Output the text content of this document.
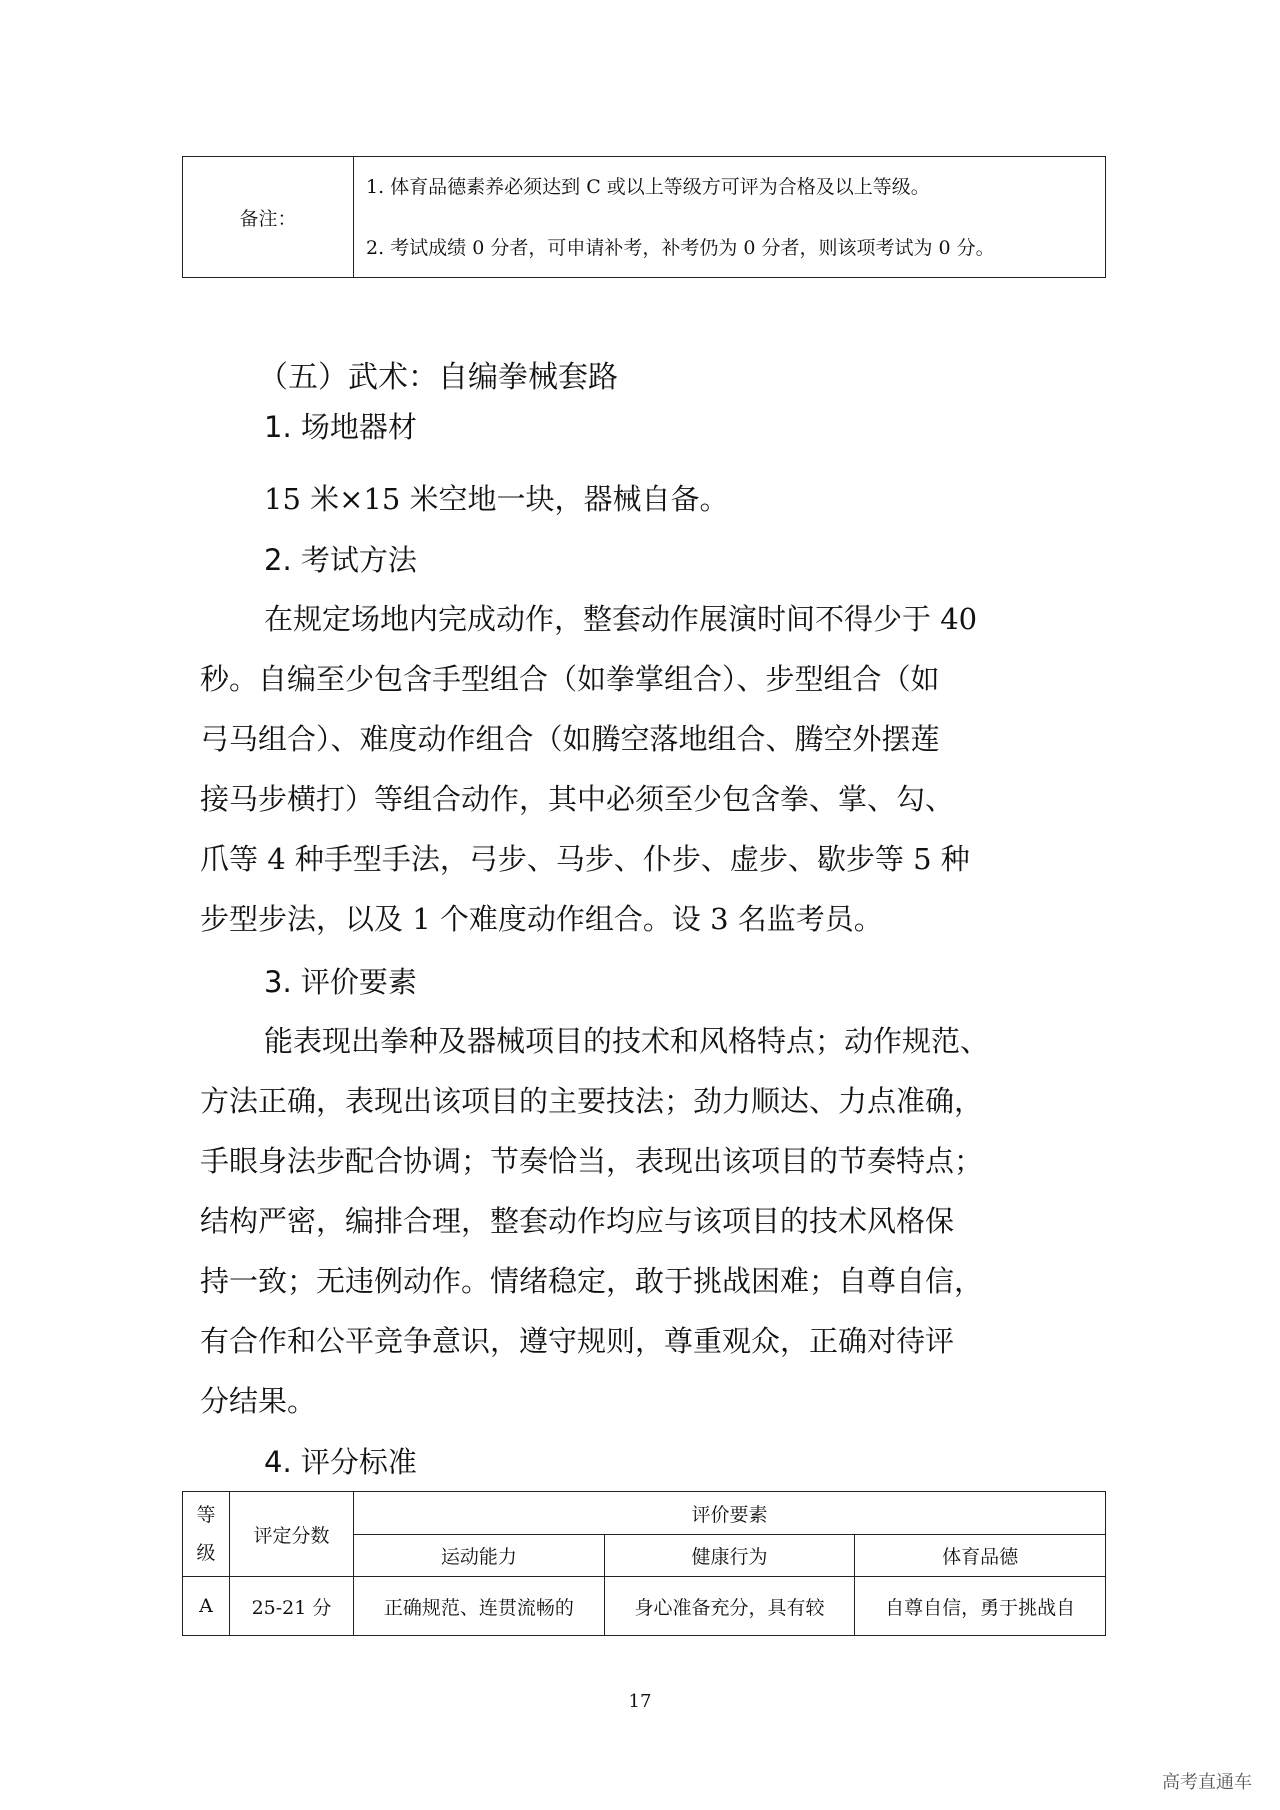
备注：
1. 体育品德素养必须达到 C 或以上等级方可评为合格及以上等级。
2. 考试成绩 0 分者，可申请补考，补考仍为 0 分者，则该项考试为 0 分。
（五）武术：自编拳械套路
1. 场地器材
15 米×15 米空地一块，器械自备。
2. 考试方法
在规定场地内完成动作，整套动作展演时间不得少于 40
秒。自编至少包含手型组合（如拳掌组合）、步型组合（如
弓马组合）、难度动作组合（如腾空落地组合、腾空外摆莲
接马步横打）等组合动作，其中必须至少包含拳、掌、勾、
爪等 4 种手型手法，弓步、马步、仆步、虚步、歇步等 5 种
步型步法，以及 1 个难度动作组合。设 3 名监考员。
3. 评价要素
能表现出拳种及器械项目的技术和风格特点；动作规范、
方法正确，表现出该项目的主要技法；劲力顺达、力点准确，
手眼身法步配合协调；节奏恰当，表现出该项目的节奏特点；
结构严密，编排合理，整套动作均应与该项目的技术风格保
持一致；无违例动作。情绪稳定，敢于挑战困难；自尊自信，
有合作和公平竞争意识，遵守规则，尊重观众，正确对待评
分结果。
4. 评分标准
等
级	评定分数	评价要素		
		运动能力	健康行为	体育品德
A	25-21 分	正确规范、连贯流畅的	身心准备充分，具有较	自尊自信，勇于挑战自
17
高考直通车
